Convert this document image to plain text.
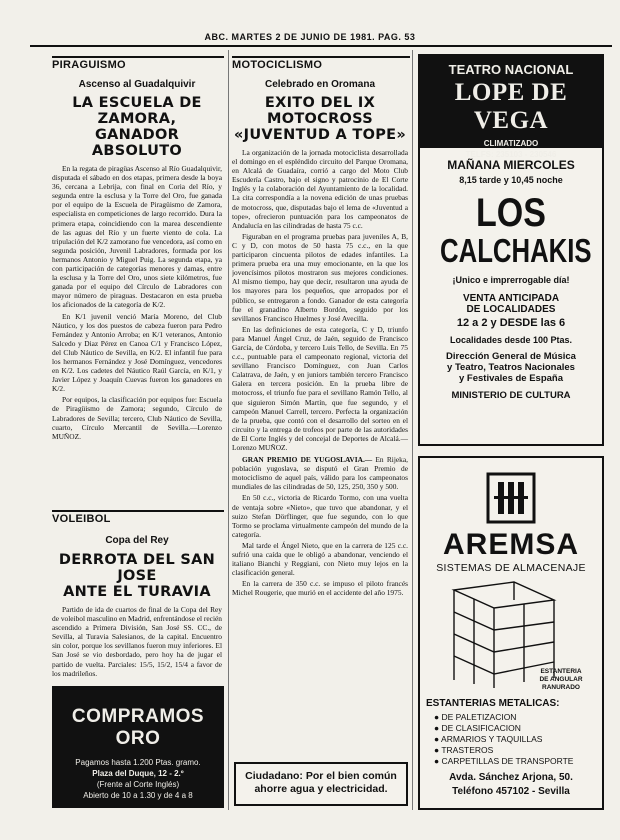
ABC. MARTES 2 DE JUNIO DE 1981. PAG. 53
PIRAGUISMO
Ascenso al Guadalquivir
LA ESCUELA DE ZAMORA,
GANADOR ABSOLUTO

En la regata de piragüas Ascenso al Río Guadalquivir, disputada el sábado en dos etapas, primera desde la boya 36, cercana a Lebrija, con final en Coria del Río, y segunda entre la esclusa y la Torre del Oro, fue ganada por el equipo de la Escuela de Piragüismo de Zamora, especialista en competiciones de largo recorrido. Dura la primera etapa, coincidiendo con la marea descendiente de las aguas del Río y un fuerte viento de cola. La tripulación del K/2 zamorano fue vencedora, así como en segunda posición, Juvenil Labradores, formada por los hermanos Antonio y Miguel Puig. La segunda etapa, ya con participación de categorías menores y damas, entre la esclusa y la Torre del Oro, unos siete kilómetros, fue ganada por el equipo del Círculo de Labradores con mayor número de piraguas. Destacaron en esta prueba los aficionados de la categoría de K/2.

En K/1 juvenil venció María Moreno, del Club Náutico, y los dos puestos de cabeza fueron para Pedro Fernández y Antonio Arroba; en K/1 veteranos, Antonio Salcedo y Diaz Pérez en Canoa C/1 y Francisco López, del Club Náutico de Sevilla, en K/2. El infantil fue para los hermanos Fernández y José Domínguez, vencedores en K/2. Los cadetes del Náutico Raúl García, en K/1, y Javier López y Joaquín Cuevas fueron los ganadores en K/2.

Por equipos, la clasificación por equipos fue: Escuela de Piragüismo de Zamora; segundo, Círculo de Labradores de Sevilla; tercero, Club Náutico de Sevilla, cuarto, Círculo Mercantil de Sevilla.—Lorenzo MUÑOZ.

VOLEIBOL
Copa del Rey
DERROTA DEL SAN JOSE
ANTE EL TURAVIA

Partido de ida de cuartos de final de la Copa del Rey de voleibol masculino en Madrid, enfrentándose el recién ascendido a Primera División, San José SS. CC., de Sevilla, al Turavia Salesianos, de la capital. Encuentro sin color, porque los sevillanos fueron muy inferiores. El San José se vio desbordado, pero hoy ha de jugar el partido de vuelta. Parciales: 15/5, 15/2, 15/4 a favor de los madrileños.

COMPRAMOS ORO
Pagamos hasta 1.200 Ptas. gramo.
Plaza del Duque, 12 - 2.º
(Frente al Corte Inglés)
Abierto de 10 a 1.30 y de 4 a 8
MOTOCICLISMO
Celebrado en Oromana
EXITO DEL IX MOTOCROSS
«JUVENTUD A TOPE»

La organización de la jornada motociclista desarrollada el domingo en el espléndido circuito del Parque Oromana, en Alcalá de Guadaíra, corrió a cargo del Moto Club Escudería Castro, bajo el signo y patrocinio de El Corte Inglés y la colaboración del Ayuntamiento de la localidad. La cita correspondía a la novena edición de unas pruebas de motocross, que, disputadas bajo el lema de «Juventud a tope», ofrecieron puntuación para los campeonatos de Andalucía en las cilindradas de hasta 75 c.c.

Figuraban en el programa pruebas para juveniles A, B, C y D, con motos de 50 hasta 75 c.c., en la que participaron cincuenta pilotos de edades infantiles. La primera prueba era una muy emocionante, en la que los jovencísimos pilotos mostraron sus mejores condiciones. Al mismo tiempo, hay que decir, resultaron una ayuda de los mayores para los pequeños, que arropados por el público, se entregaron a fondo. Ganador de esta categoría fue el granadino Alberto Bordón, seguido por los sevillanos Francisco Huelmes y José Avecilla.

En las definiciones de esta categoría, C y D, triunfo para Manuel Ángel Cruz, de Jaén, seguido de Francisco García, de Córdoba, y tercero Luis Tello, de Sevilla. En 75 c.c., puntuable para el campeonato regional, victoria del sevillano Francisco Domínguez, con Juan Carlos Calatrava, de Jaén, y en juniors también tercero Francisco Galera en tercera posición. En la prueba libre de motocross, el triunfo fue para el sevillano Ramón Tello, al que siguieron Simón Martín, que fue segundo, y el campeón Manuel Carrell, tercero. Perfecta la organización de la prueba, que contó con el desarrollo del sorteo en el circuito y la entrega de trofeos por parte de las autoridades de El Corte Inglés y del concejal de Deportes de Alcalá.—Lorenzo MUÑOZ.

GRAN PREMIO DE YUGOSLAVIA.— En Rijeka, población yugoslava, se disputó el Gran Premio de motociclismo de aquel país, válido para los campeonatos mundiales de las cilindradas de 50, 125, 250, 350 y 500.

En 50 c.c., victoria de Ricardo Tormo, con una vuelta de ventaja sobre «Nieto», que tuvo que abandonar, y el suizo Stefan Dörflinger, que fue segundo, con lo que Tormo se proclama virtualmente campeón del mundo de la categoría.

Mal tarde el Ángel Nieto, que en la carrera de 125 c.c. sufrió una caída que le obligó a abandonar, venciendo el italiano Bianchi y Reggiani, con Nieto muy lejos en la clasificación general.

En la carrera de 350 c.c. se impuso el piloto francés Michel Rougerie, que murió en el accidente del año 1975.

Ciudadano: Por el bien común ahorre agua y electricidad.
TEATRO NACIONAL
LOPE DE VEGA
CLIMATIZADO
TELFS: 235103 - 230546
MAÑANA MIERCOLES
8,15 tarde y 10,45 noche
LOS
CALCHAKIS
¡Unico e imprerrogable día!
VENTA ANTICIPADA
DE LOCALIDADES
12 a 2 y DESDE las 6
Localidades desde 100 Ptas.
Dirección General de Música
y Teatro, Teatros Nacionales
y Festivales de España
MINISTERIO DE CULTURA
AREMSA
SISTEMAS DE ALMACENAJE
ESTANTERIA
DE ANGULAR
RANURADO
ESTANTERIAS METALICAS:
● DE PALETIZACION
● DE CLASIFICACION
● ARMARIOS Y TAQUILLAS
● TRASTEROS
● CARPETILLAS DE TRANSPORTE
Avda. Sánchez Arjona, 50.
Teléfono 457102 - Sevilla
